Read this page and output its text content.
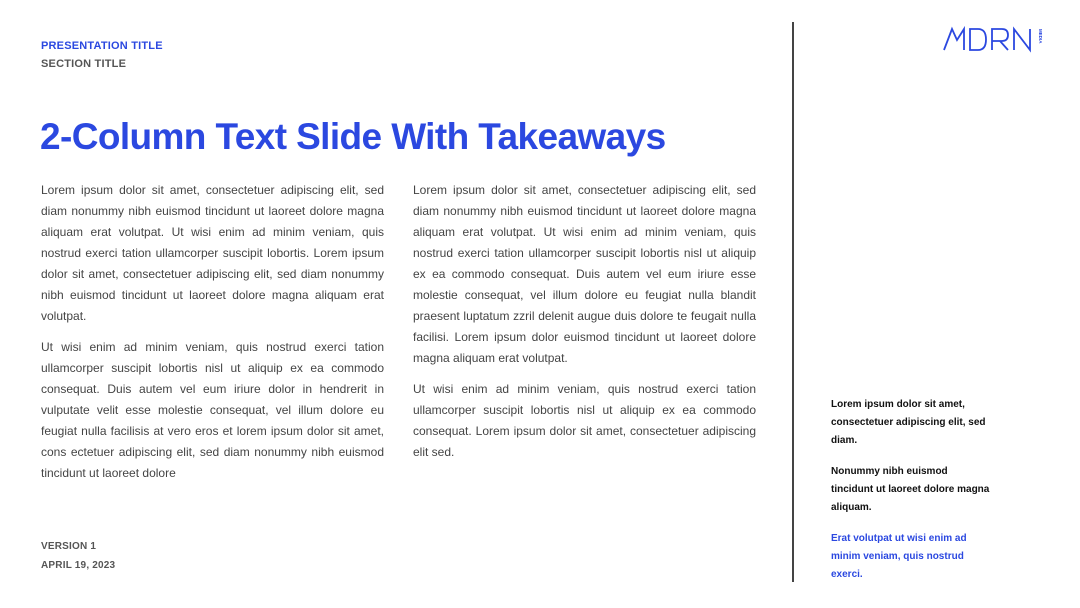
PRESENTATION TITLE
SECTION TITLE
2-Column Text Slide With Takeaways

Lorem ipsum dolor sit amet, consectetuer adipiscing elit, sed diam nonummy nibh euismod tincidunt ut laoreet dolore magna aliquam erat volutpat. Ut wisi enim ad minim veniam, quis nostrud exerci tation ullamcorper suscipit lobortis. Lorem ipsum dolor sit amet, consectetuer adipiscing elit, sed diam nonummy nibh euismod tincidunt ut laoreet dolore magna aliquam erat volutpat.

Ut wisi enim ad minim veniam, quis nostrud exerci tation ullamcorper suscipit lobortis nisl ut aliquip ex ea commodo consequat. Duis autem vel eum iriure dolor in hendrerit in vulputate velit esse molestie consequat, vel illum dolore eu feugiat nulla facilisis at vero eros et lorem ipsum dolor sit amet, cons ectetuer adipiscing elit, sed diam nonummy nibh euismod tincidunt ut laoreet dolore

Lorem ipsum dolor sit amet, consectetuer adipiscing elit, sed diam nonummy nibh euismod tincidunt ut laoreet dolore magna aliquam erat volutpat. Ut wisi enim ad minim veniam, quis nostrud exerci tation ullamcorper suscipit lobortis nisl ut aliquip ex ea commodo consequat. Duis autem vel eum iriure esse molestie consequat, vel illum dolore eu feugiat nulla blandit praesent luptatum zzril delenit augue duis dolore te feugait nulla facilisi. Lorem ipsum dolor euismod tincidunt ut laoreet dolore magna aliquam erat volutpat.

Ut wisi enim ad minim veniam, quis nostrud exerci tation ullamcorper suscipit lobortis nisl ut aliquip ex ea commodo consequat. Lorem ipsum dolor sit amet, consectetuer adipiscing elit sed.

MEDIA

Lorem ipsum dolor sit amet, consectetuer adipiscing elit, sed diam.

Nonummy nibh euismod tincidunt ut laoreet dolore magna aliquam.

Erat volutpat ut wisi enim ad minim veniam, quis nostrud exerci.

VERSION 1
APRIL 19, 2023
